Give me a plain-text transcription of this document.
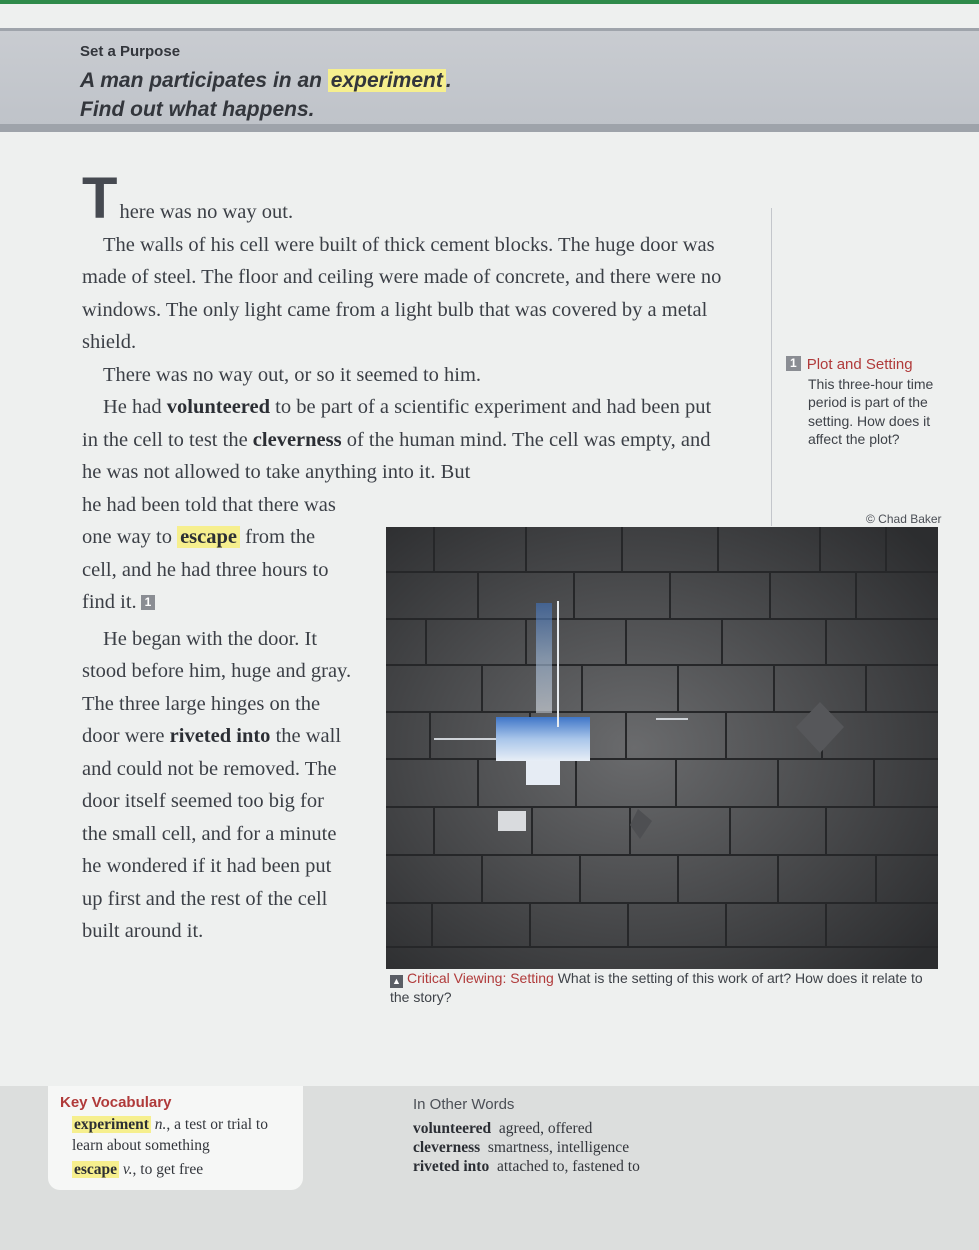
Set a Purpose
A man participates in an experiment .
Find out what happens.

T here was no way out.

The walls of his cell were built of thick cement blocks. The huge door was made of steel. The floor and ceiling were made of concrete, and there were no windows. The only light came from a light bulb that was covered by a metal shield.

There was no way out, or so it seemed to him.

He had volunteered to be part of a scientific experiment and had been put in the cell to test the cleverness of the human mind. The cell was empty, and he was not allowed to take anything into it. But

he had been told that there was one way to escape from the cell, and he had three hours to find it. 1

He began with the door. It stood before him, huge and gray. The three large hinges on the door were riveted into the wall and could not be removed. The door itself seemed too big for the small cell, and for a minute he wondered if it had been put up first and the rest of the cell built around it.

1 Plot and Setting
This three-hour time period is part of the setting. How does it affect the plot?
© Chad Baker
▲ Critical Viewing: Setting What is the setting of this work of art? How does it relate to the story?
Key Vocabulary
experiment n., a test or trial to learn about something
escape v., to get free
In Other Words
volunteered agreed, offered
cleverness smartness, intelligence
riveted into attached to, fastened to
